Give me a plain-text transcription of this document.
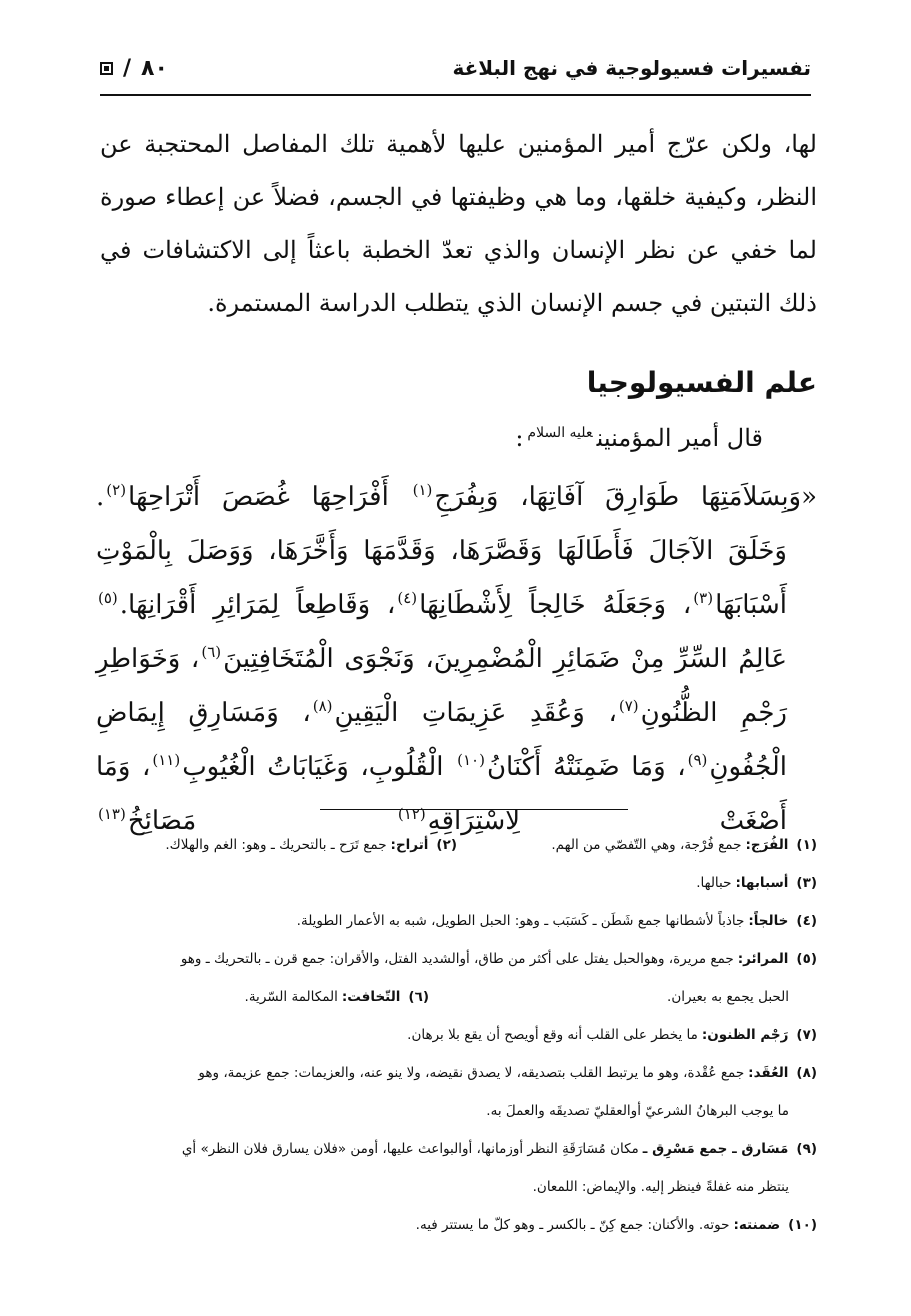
تفسيرات فسيولوجية في نهج البلاغة
/ ٨٠
لها، ولكن عرّج أمير المؤمنين عليها لأهمية تلك المفاصل المحتجبة عن النظر، وكيفية خلقها، وما هي وظيفتها في الجسم، فضلاً عن إعطاء صورة لما خفي عن نظر الإنسان والذي تعدّ الخطبة باعثاً إلى الاكتشافات في ذلك التبتين في جسم الإنسان الذي يتطلب الدراسة المستمرة.
علم الفسيولوجيا
قال أمير المؤمنين$^{عليه السلام}$:

«وَبِسَلاَمَتِهَا طَوَارِقَ آفَاتِهَا، وَبِفُرَجِ$^{(١)}$ أَفْرَاحِهَا غُصَصَ أَتْرَاحِهَا$^{(٢)}$.

وَخَلَقَ الآجَالَ فَأَطَالَهَا وَقَصَّرَهَا، وَقَدَّمَهَا وَأَخَّرَهَا، وَوَصَلَ بِالْمَوْتِ أَسْبَابَهَا$^{(٣)}$، وَجَعَلَهُ خَالِجاً لِأَشْطَانِهَا$^{(٤)}$، وَقَاطِعاً لِمَرَائِرِ أَقْرَانِهَا.$^{(٥)}$

عَالِمُ السِّرِّ مِنْ ضَمَائِرِ الْمُضْمِرِينَ، وَنَجْوَى الْمُتَخَافِتِينَ$^{(٦)}$، وَخَوَاطِرِ رَجْمِ الظُّنُونِ$^{(٧)}$، وَعُقَدِ عَزِيمَاتِ الْيَقِينِ$^{(٨)}$، وَمَسَارِقِ إِيمَاضِ الْجُفُونِ$^{(٩)}$، وَمَا ضَمِنَتْهُ أَكْنَانُ$^{(١٠)}$ الْقُلُوبِ، وَغَيَابَاتُ الْغُيُوبِ$^{(١١)}$، وَمَا أَصْغَتْ لِاسْتِرَاقِهِ$^{(١٢)}$ مَصَائِخُ$^{(١٣)}$

(١)الفُرَج:جمع فُرْجة، وهي التّفصّي من الهم.
(٢)أتراح:جمع تَرَح ـ بالتحريك ـ وهو: الغم والهلاك.
(٣)
أسبابها:
حبالها.
(٤)
خالجاً:
جاذباً لأشطانها جمع شَطَن ـ كَسَبَب ـ وهو: الحبل الطويل، شبه به الأعمار الطويلة.
(٥)
المرائر:
جمع مريرة، وهوالحبل يفتل على أكثر من طاق، أوالشديد الفتل، والأقران: جمع قرن ـ بالتحريك ـ وهو
الحبل يجمع به بعيران.
(٦)التّخافت:المكالمة السّرية.
(٧)
رَجْم الظنون:
ما يخطر على القلب أنه وقع أويصح أن يقع بلا برهان.
(٨)
العُقَد:
جمع عُقْدة، وهو ما يرتبط القلب بتصديقه، لا يصدق نقيضه، ولا ينو عنه، والعزيمات: جمع عزيمة، وهو
ما يوجب البرهانُ الشرعيّ أوالعقليّ تصديقَه والعملَ به.
(٩)
مَسَارق ـ جمع مَسْرِق ـ
مكان مُسَارَقَةِ النظر أوزمانها، أوالبواعث عليها، أومن «فلان يسارق فلان النظر» أي
ينتظر منه غفلةً فينظر إليه. والإيماض: اللمعان.
(١٠)
ضمنته:
حوته. والأكنان: جمع كِنّ ـ بالكسر ـ وهو كلّ ما يستتر فيه.
